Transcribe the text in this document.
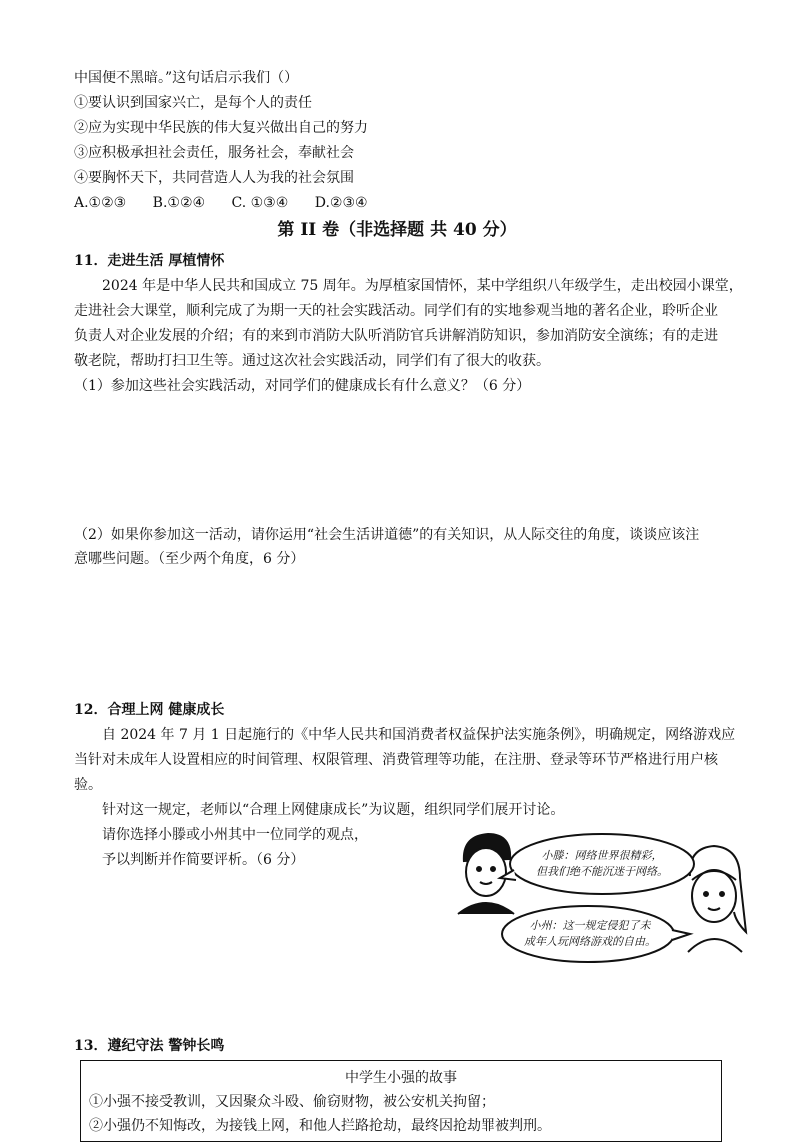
中国便不黑暗。”这句话启示我们（）
①要认识到国家兴亡，是每个人的责任
②应为实现中华民族的伟大复兴做出自己的努力
③应积极承担社会责任，服务社会，奉献社会
④要胸怀天下，共同营造人人为我的社会氛围
A.①②③ B.①②④ C. ①③④ D.②③④
第 II 卷（非选择题 共 40 分）
11．走进生活 厚植情怀
2024 年是中华人民共和国成立 75 周年。为厚植家国情怀，某中学组织八年级学生，走出校园小课堂，
走进社会大课堂，顺利完成了为期一天的社会实践活动。同学们有的实地参观当地的著名企业，聆听企业
负责人对企业发展的介绍；有的来到市消防大队听消防官兵讲解消防知识，参加消防安全演练；有的走进
敬老院，帮助打扫卫生等。通过这次社会实践活动，同学们有了很大的收获。
（1）参加这些社会实践活动，对同学们的健康成长有什么意义？（6 分）
（2）如果你参加这一活动，请你运用“社会生活讲道德”的有关知识，从人际交往的角度，谈谈应该注
意哪些问题。（至少两个角度，6 分）
12．合理上网 健康成长
自 2024 年 7 月 1 日起施行的《中华人民共和国消费者权益保护法实施条例》，明确规定，网络游戏应
当针对未成年人设置相应的时间管理、权限管理、消费管理等功能，在注册、登录等环节严格进行用户核
验。
针对这一规定，老师以“合理上网健康成长”为议题，组织同学们展开讨论。
请你选择小滕或小州其中一位同学的观点，
予以判断并作简要评析。（6 分）	小滕：网络世界很精彩，
但我们绝不能沉迷于网络。
小州：这一规定侵犯了未
成年人玩网络游戏的自由。
13．遵纪守法 警钟长鸣
中学生小强的故事
①小强不接受教训，又因聚众斗殴、偷窃财物，被公安机关拘留；
②小强仍不知悔改，为接钱上网，和他人拦路抢劫，最终因抢劫罪被判刑。
